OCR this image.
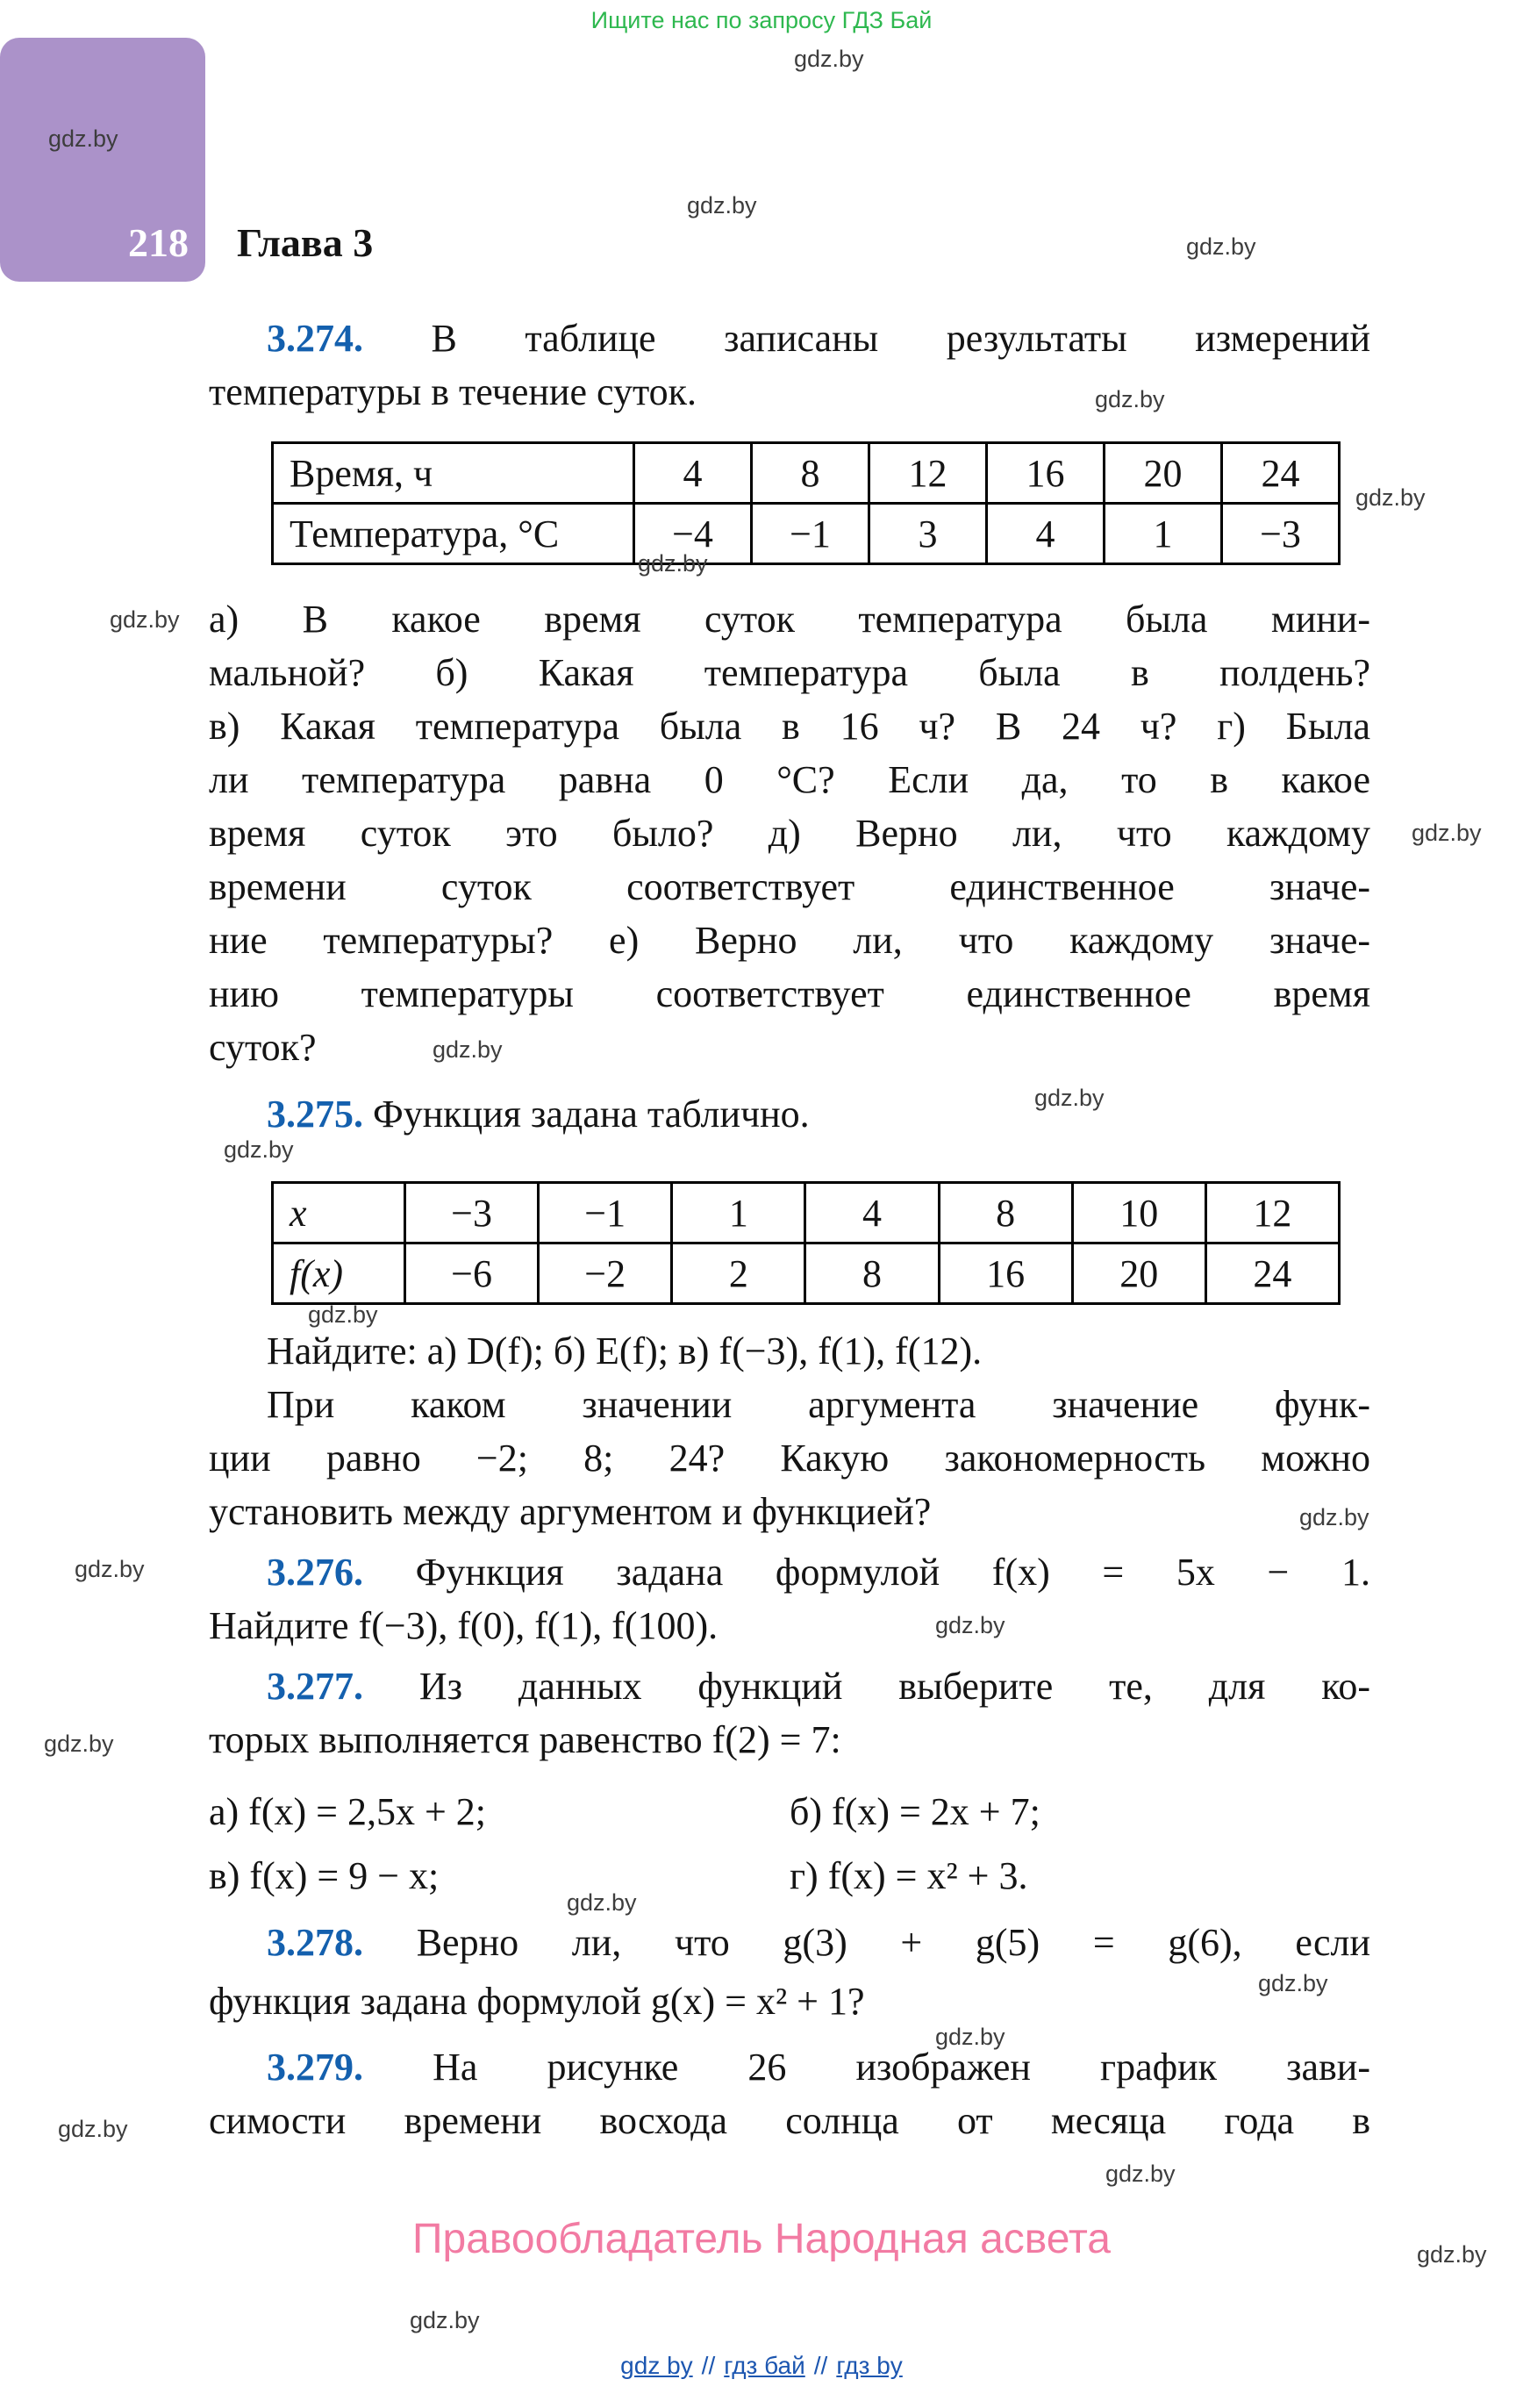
Ищите нас по запросу ГДЗ Бай
gdz.by
gdz.by
gdz.by
gdz.by
gdz.by
gdz.by
gdz.by
gdz.by
gdz.by
gdz.by
gdz.by
gdz.by
gdz.by
gdz.by
gdz.by
gdz.by
gdz.by
gdz.by
gdz.by
gdz.by
gdz.by
gdz.by
gdz.by
gdz.by
218 Глава 3
3.274. В таблице записаны результаты измерений
температуры в течение суток.
Время, ч	4	8	12	16	20	24
Температура, °С	−4	−1	3	4	1	−3
а) В какое время суток температура была мини-
мальной? б) Какая температура была в полдень?
в) Какая температура была в 16 ч? В 24 ч? г) Была
ли температура равна 0 °С? Если да, то в какое
время суток это было? д) Верно ли, что каждому
времени суток соответствует единственное значе-
ние температуры? е) Верно ли, что каждому значе-
нию температуры соответствует единственное время
суток?
3.275. Функция задана таблично.
x	−3	−1	1	4	8	10	12
f(x)	−6	−2	2	8	16	20	24
Найдите: а) D(f); б) E(f); в) f(−3), f(1), f(12).
При каком значении аргумента значение функ-
ции равно −2; 8; 24? Какую закономерность можно
установить между аргументом и функцией?
3.276. Функция задана формулой f(x) = 5x − 1.
Найдите f(−3), f(0), f(1), f(100).
3.277. Из данных функций выберите те, для ко-
торых выполняется равенство f(2) = 7:
а) f(x) = 2,5x + 2;	б) f(x) = 2x + 7;
в) f(x) = 9 − x;	г) f(x) = x² + 3.
3.278. Верно ли, что g(3) + g(5) = g(6), если
функция задана формулой g(x) = x² + 1?
3.279. На рисунке 26 изображен график зави-
симости времени восхода солнца от месяца года в
Правообладатель Народная асвета
gdz by // гдз бай // гдз by
